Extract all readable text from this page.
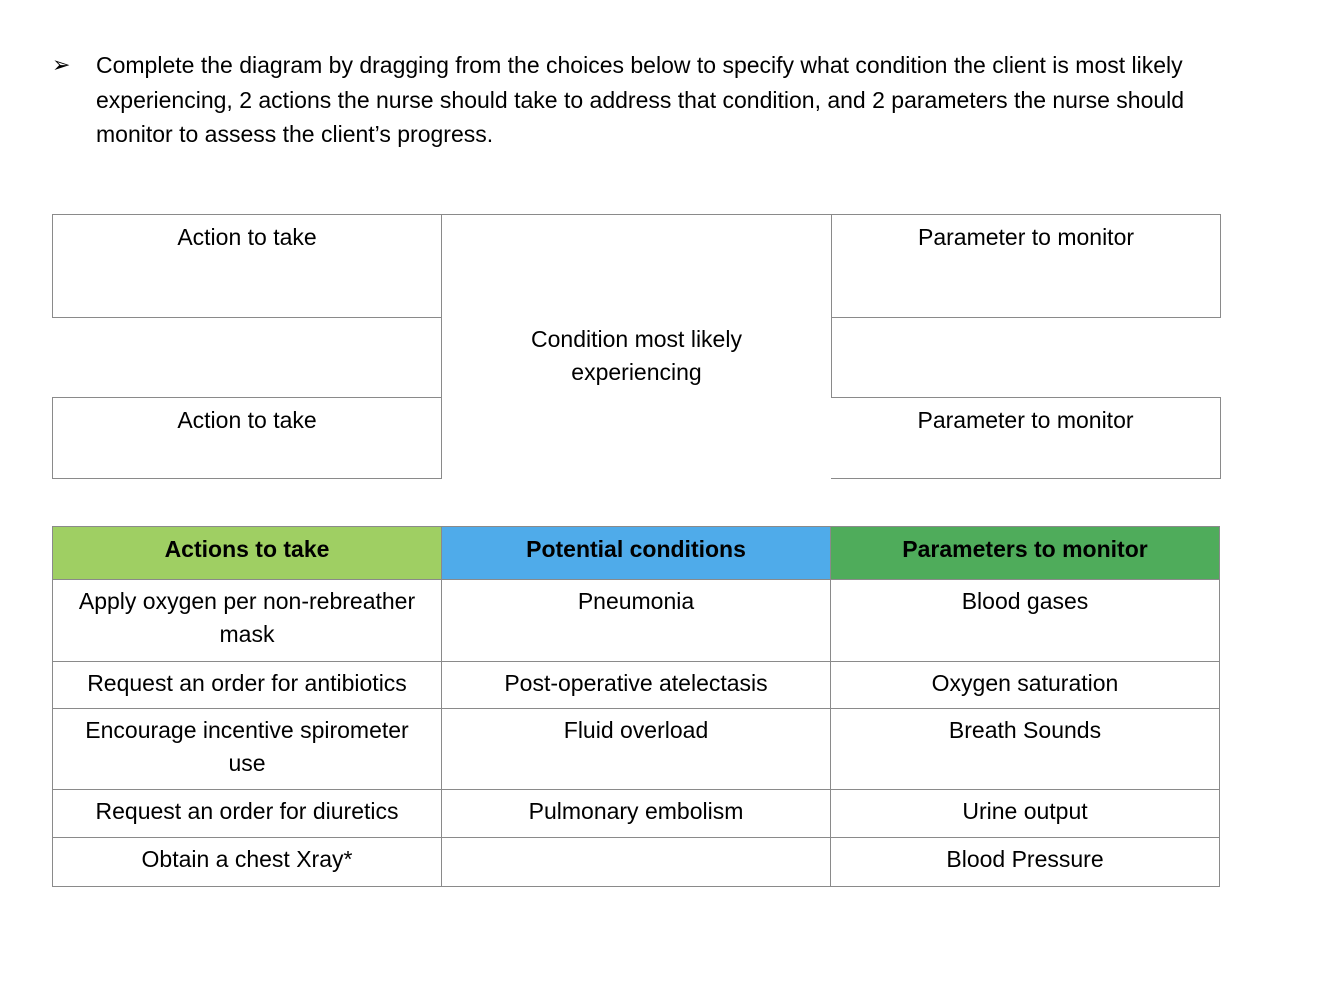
➢	Complete the diagram by dragging from the choices below to specify what condition the client is most likely experiencing, 2 actions the nurse should take to address that condition, and 2 parameters the nurse should monitor to assess the client’s progress.
Action to take	Parameter to monitor
Condition most likely experiencing
Action to take	Parameter to monitor
Actions to take	Potential conditions	Parameters to monitor
Apply oxygen per non-rebreather mask	Pneumonia	Blood gases
Request an order for antibiotics	Post-operative atelectasis	Oxygen saturation
Encourage incentive spirometer use	Fluid overload	Breath Sounds
Request an order for diuretics	Pulmonary embolism	Urine output
Obtain a chest Xray*		Blood Pressure
